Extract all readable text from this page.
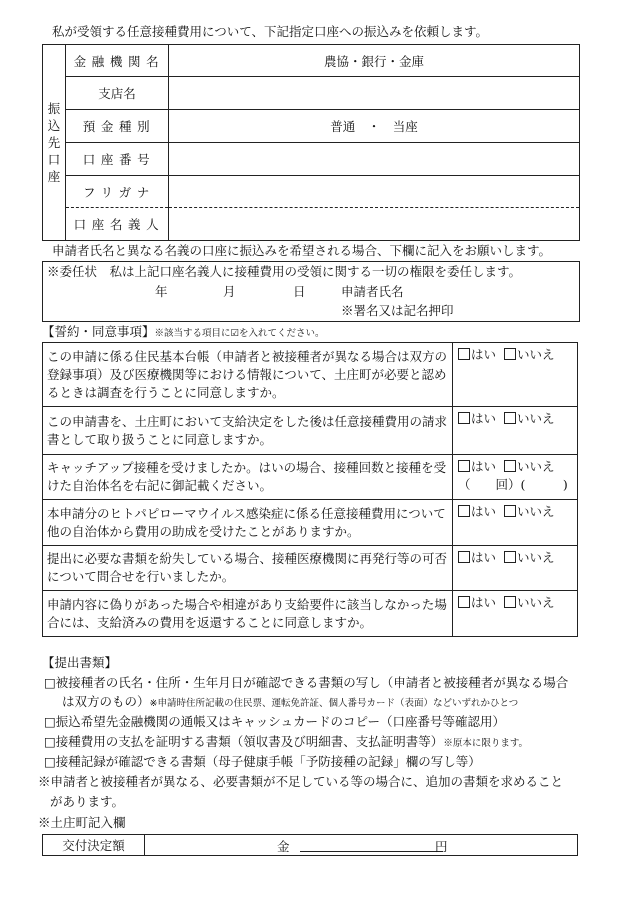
私が受領する任意接種費用について、下記指定口座への振込みを依頼します。
振
込
先
口
座	金融機関名	農協・銀行・金庫
	支店名	
	預金種別	普通　・　当座
	口座番号	
	フリガナ	
	口座名義人	
申請者氏名と異なる名義の口座に振込みを希望される場合、下欄に記入をお願いします。
※委任状　私は上記口座名義人に接種費用の受領に関する一切の権限を委任します。
年	月	日	申請者氏名
※署名又は記名押印
【誓約・同意事項】※該当する項目に☑を入れてください。
この申請に係る住民基本台帳（申請者と被接種者が異なる場合は双方の登録事項）及び医療機関等における情報について、土庄町が必要と認めるときは調査を行うことに同意しますか。	はい いいえ
この申請書を、土庄町において支給決定をした後は任意接種費用の請求書として取り扱うことに同意しますか。	はい いいえ
キャッチアップ接種を受けましたか。はいの場合、接種回数と接種を受けた自治体名を右記に御記載ください。	はい いいえ
（　　回）(　　　)
本申請分のヒトパピローマウイルス感染症に係る任意接種費用について他の自治体から費用の助成を受けたことがありますか。	はい いいえ
提出に必要な書類を紛失している場合、接種医療機関に再発行等の可否について問合せを行いましたか。	はい いいえ
申請内容に偽りがあった場合や相違があり支給要件に該当しなかった場合には、支給済みの費用を返還することに同意しますか。	はい いいえ
【提出書類】
□被接種者の氏名・住所・生年月日が確認できる書類の写し（申請者と被接種者が異なる場合
は双方のもの）※申請時住所記載の住民票、運転免許証、個人番号カード（表面）などいずれかひとつ
□振込希望先金融機関の通帳又はキャッシュカードのコピー（口座番号等確認用）
□接種費用の支払を証明する書類（領収書及び明細書、支払証明書等）※原本に限ります。
□接種記録が確認できる書類（母子健康手帳「予防接種の記録」欄の写し等）
※申請者と被接種者が異なる、必要書類が不足している等の場合に、追加の書類を求めること
があります。
※土庄町記入欄
交付決定額	金	円
